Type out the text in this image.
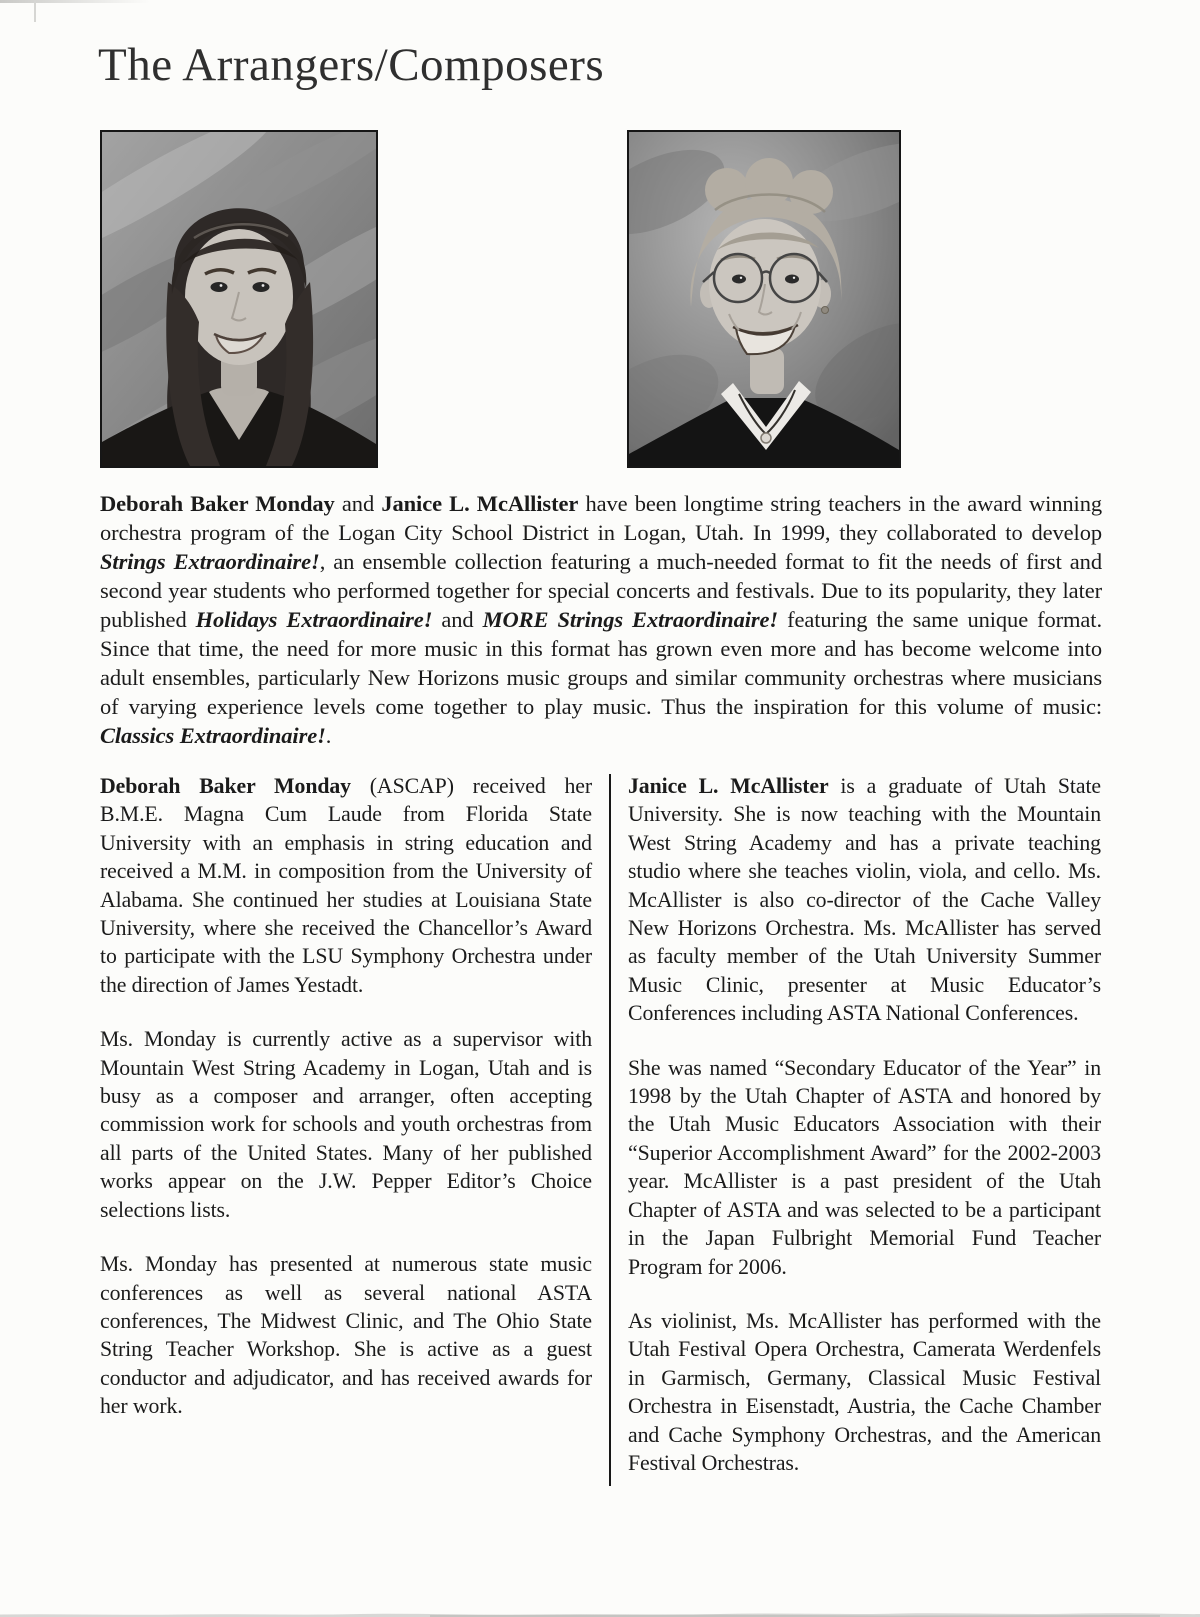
The Arrangers/Composers

Deborah Baker Monday and Janice L. McAllister have been longtime string teachers in the award winning orchestra program of the Logan City School District in Logan, Utah. In 1999, they collaborated to develop Strings Extraordinaire!, an ensemble collection featuring a much-needed format to fit the needs of first and second year students who performed together for special concerts and festivals. Due to its popularity, they later published Holidays Extraordinaire! and MORE Strings Extraordinaire! featuring the same unique format. Since that time, the need for more music in this format has grown even more and has become welcome into adult ensembles, particularly New Horizons music groups and similar community orchestras where musicians of varying experience levels come together to play music. Thus the inspiration for this volume of music: Classics Extraordinaire!.

Deborah Baker Monday (ASCAP) received her B.M.E. Magna Cum Laude from Florida State University with an emphasis in string education and received a M.M. in composition from the University of Alabama. She continued her studies at Louisiana State University, where she received the Chancellor’s Award to participate with the LSU Symphony Orchestra under the direction of James Yestadt.

Ms. Monday is currently active as a supervisor with Mountain West String Academy in Logan, Utah and is busy as a composer and arranger, often accepting commission work for schools and youth orchestras from all parts of the United States. Many of her published works appear on the J.W. Pepper Editor’s Choice selections lists.

Ms. Monday has presented at numerous state music conferences as well as several national ASTA conferences, The Midwest Clinic, and The Ohio State String Teacher Workshop. She is active as a guest conductor and adjudicator, and has received awards for her work.

Janice L. McAllister is a graduate of Utah State University. She is now teaching with the Mountain West String Academy and has a private teaching studio where she teaches violin, viola, and cello. Ms. McAllister is also co-director of the Cache Valley New Horizons Orchestra. Ms. McAllister has served as faculty member of the Utah University Summer Music Clinic, presenter at Music Educator’s Conferences including ASTA National Conferences.

She was named “Secondary Educator of the Year” in 1998 by the Utah Chapter of ASTA and honored by the Utah Music Educators Association with their “Superior Accomplishment Award” for the 2002-2003 year. McAllister is a past president of the Utah Chapter of ASTA and was selected to be a participant in the Japan Fulbright Memorial Fund Teacher Program for 2006.

As violinist, Ms. McAllister has performed with the Utah Festival Opera Orchestra, Camerata Werdenfels in Garmisch, Germany, Classical Music Festival Orchestra in Eisenstadt, Austria, the Cache Chamber and Cache Symphony Orchestras, and the American Festival Orchestras.
